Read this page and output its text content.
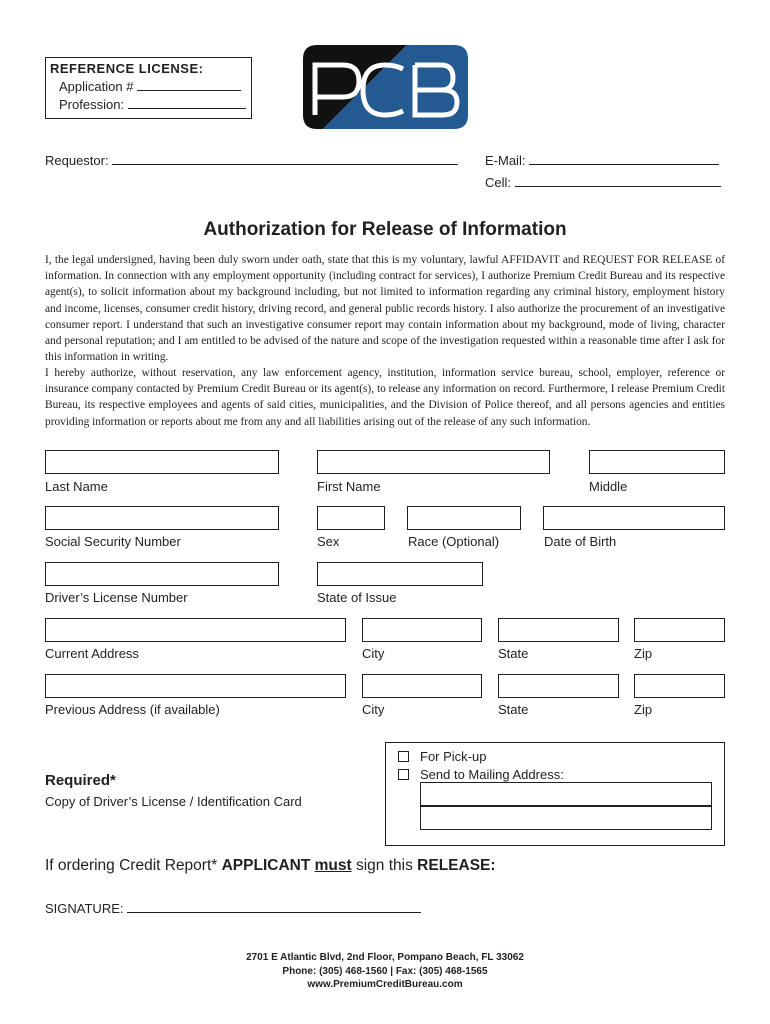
REFERENCE LICENSE:
Application #
Profession:
Requestor:	E-Mail:
Cell:
Authorization for Release of Information
I, the legal undersigned, having been duly sworn under oath, state that this is my voluntary, lawful AFFIDAVIT and REQUEST FOR RELEASE of information. In connection with any employment opportunity (including contract for services), I authorize Premium Credit Bureau and its respective agent(s), to solicit information about my background including, but not limited to information regarding any criminal history, employment history and income, licenses, consumer credit history, driving record, and general public records history. I also authorize the procurement of an investigative consumer report. I understand that such an investigative consumer report may contain information about my background, mode of living, character and personal reputation; and I am entitled to be advised of the nature and scope of the investigation requested within a reasonable time after I ask for this information in writing.
I hereby authorize, without reservation, any law enforcement agency, institution, information service bureau, school, employer, reference or insurance company contacted by Premium Credit Bureau or its agent(s), to release any information on record. Furthermore, I release Premium Credit Bureau, its respective employees and agents of said cities, municipalities, and the Division of Police thereof, and all persons agencies and entities providing information or reports about me from any and all liabilities arising out of the release of any such information.
Last Name	First Name	Middle
Social Security Number	Sex	Race (Optional)	Date of Birth
Driver’s License Number	State of Issue
Current Address	City	State	Zip
Previous Address (if available)	City	State	Zip
Required*
Copy of Driver’s License / Identification Card
For Pick-up
Send to Mailing Address:
If ordering Credit Report* APPLICANT must sign this RELEASE:
SIGNATURE:
2701 E Atlantic Blvd, 2nd Floor, Pompano Beach, FL 33062
Phone: (305) 468-1560 | Fax: (305) 468-1565
www.PremiumCreditBureau.com
